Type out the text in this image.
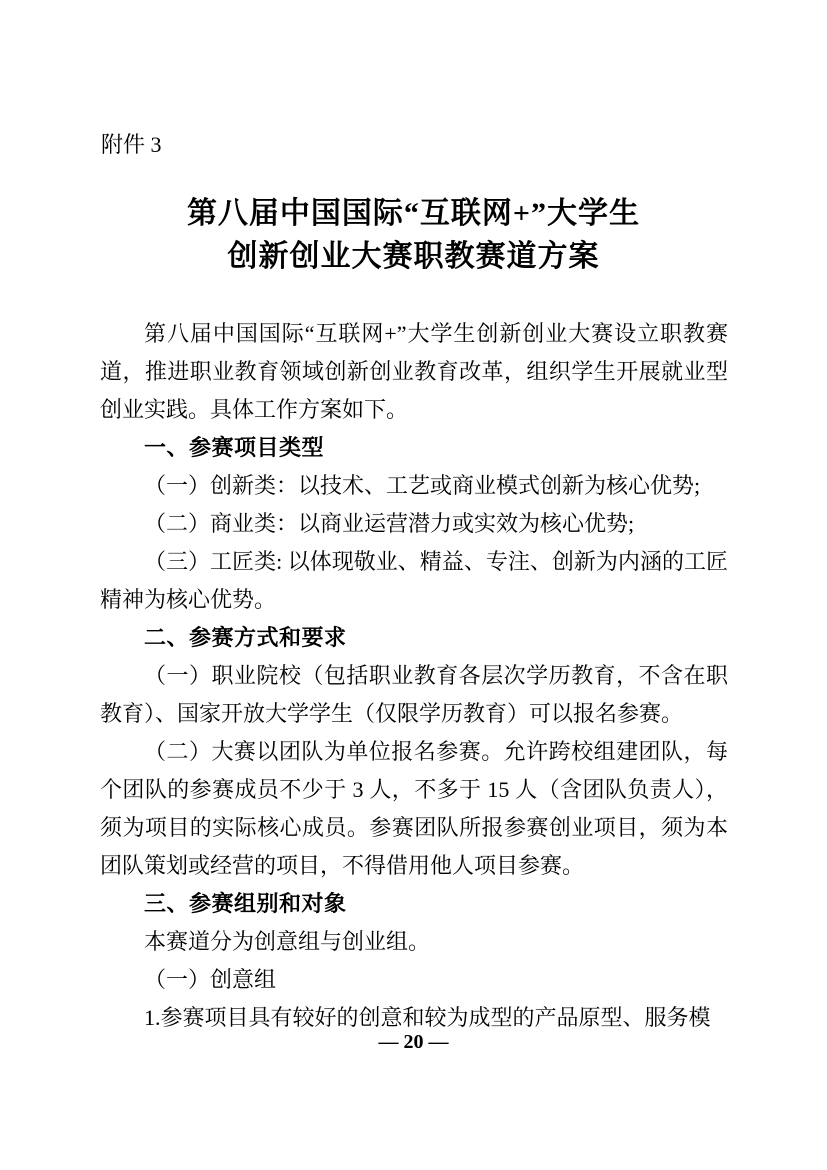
附件 3
第八届中国国际“互联网+”大学生
创新创业大赛职教赛道方案

第八届中国国际“互联网+”大学生创新创业大赛设立职教赛道，推进职业教育领域创新创业教育改革，组织学生开展就业型创业实践。具体工作方案如下。

一、参赛项目类型

（一）创新类：以技术、工艺或商业模式创新为核心优势;

（二）商业类：以商业运营潜力或实效为核心优势;

（三）工匠类: 以体现敬业、精益、专注、创新为内涵的工匠精神为核心优势。

二、参赛方式和要求

（一）职业院校（包括职业教育各层次学历教育，不含在职教育）、国家开放大学学生（仅限学历教育）可以报名参赛。

（二）大赛以团队为单位报名参赛。允许跨校组建团队，每个团队的参赛成员不少于 3 人，不多于 15 人（含团队负责人），须为项目的实际核心成员。参赛团队所报参赛创业项目，须为本团队策划或经营的项目，不得借用他人项目参赛。

三、参赛组别和对象

本赛道分为创意组与创业组。

（一）创意组

1.参赛项目具有较好的创意和较为成型的产品原型、服务模

— 20 —
